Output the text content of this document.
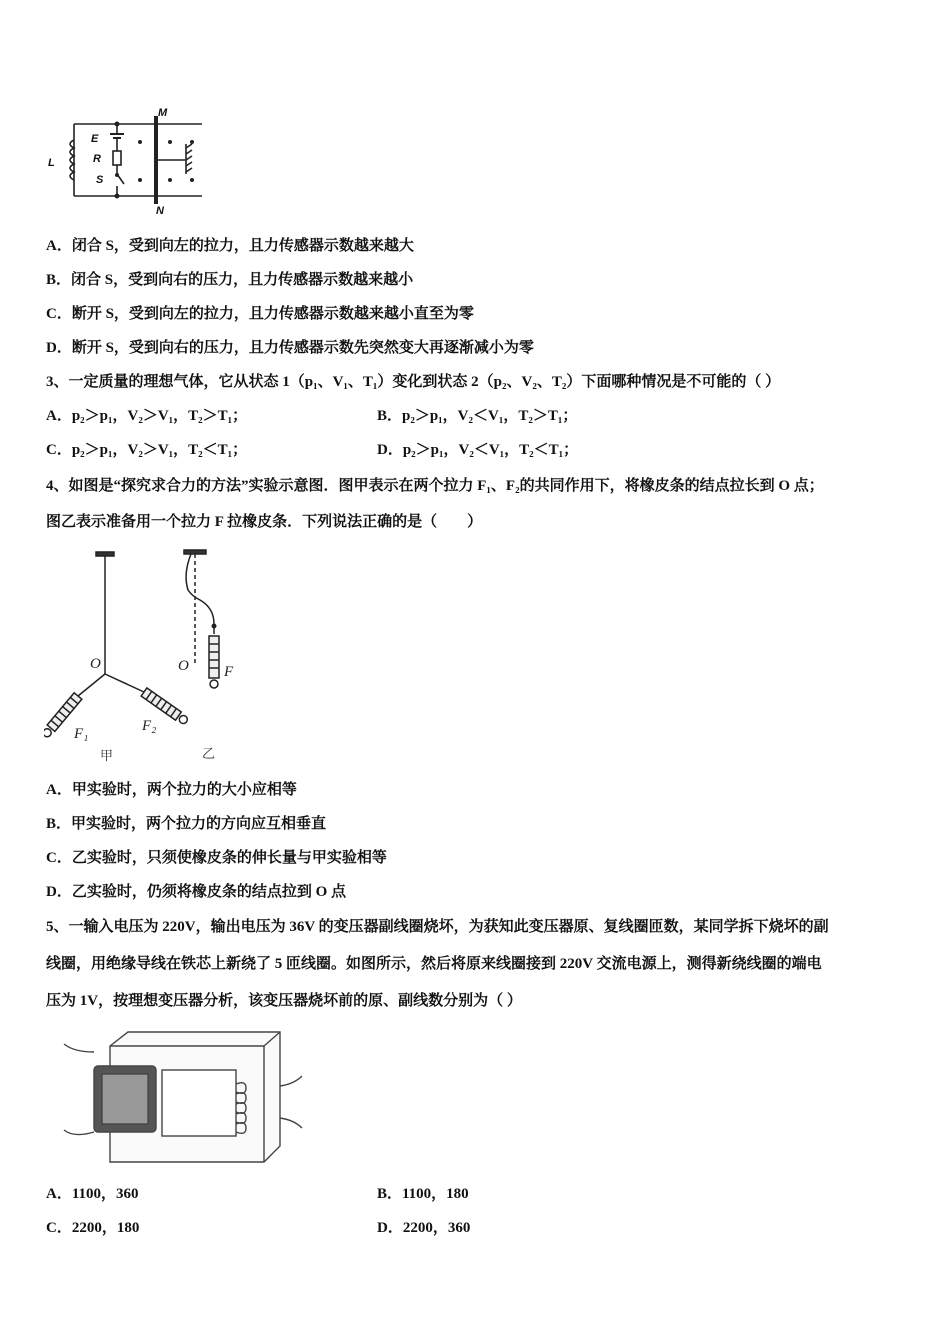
L
E
R
S
M
N
A．闭合 S，受到向左的拉力，且力传感器示数越来越大
B．闭合 S，受到向右的压力，且力传感器示数越来越小
C．断开 S，受到向左的拉力，且力传感器示数越来越小直至为零
D．断开 S，受到向右的压力，且力传感器示数先突然变大再逐渐减小为零
3、一定质量的理想气体，它从状态 1（p₁、V₁、T₁）变化到状态 2（p₂、V₂、T₂）下面哪种情况是不可能的（ ）
A．p₂＞p₁，V₂＞V₁，T₂＞T₁；	B．p₂＞p₁，V₂＜V₁，T₂＞T₁；
C．p₂＞p₁，V₂＞V₁，T₂＜T₁；	D．p₂＞p₁，V₂＜V₁，T₂＜T₁；
4、如图是“探究求合力的方法”实验示意图．图甲表示在两个拉力 F₁、F₂的共同作用下，将橡皮条的结点拉长到 O 点；
图乙表示准备用一个拉力 F 拉橡皮条．下列说法正确的是（　　）
O
F₁	F₂
O F
甲	乙
A．甲实验时，两个拉力的大小应相等
B．甲实验时，两个拉力的方向应互相垂直
C．乙实验时，只须使橡皮条的伸长量与甲实验相等
D．乙实验时，仍须将橡皮条的结点拉到 O 点
5、一输入电压为 220V，输出电压为 36V 的变压器副线圈烧坏，为获知此变压器原、复线圈匝数，某同学拆下烧坏的副
线圈，用绝缘导线在铁芯上新绕了 5 匝线圈。如图所示，然后将原来线圈接到 220V 交流电源上，测得新绕线圈的端电
压为 1V，按理想变压器分析，该变压器烧坏前的原、副线数分别为（ ）
A．1100，360	B．1100，180
C．2200，180	D．2200，360
